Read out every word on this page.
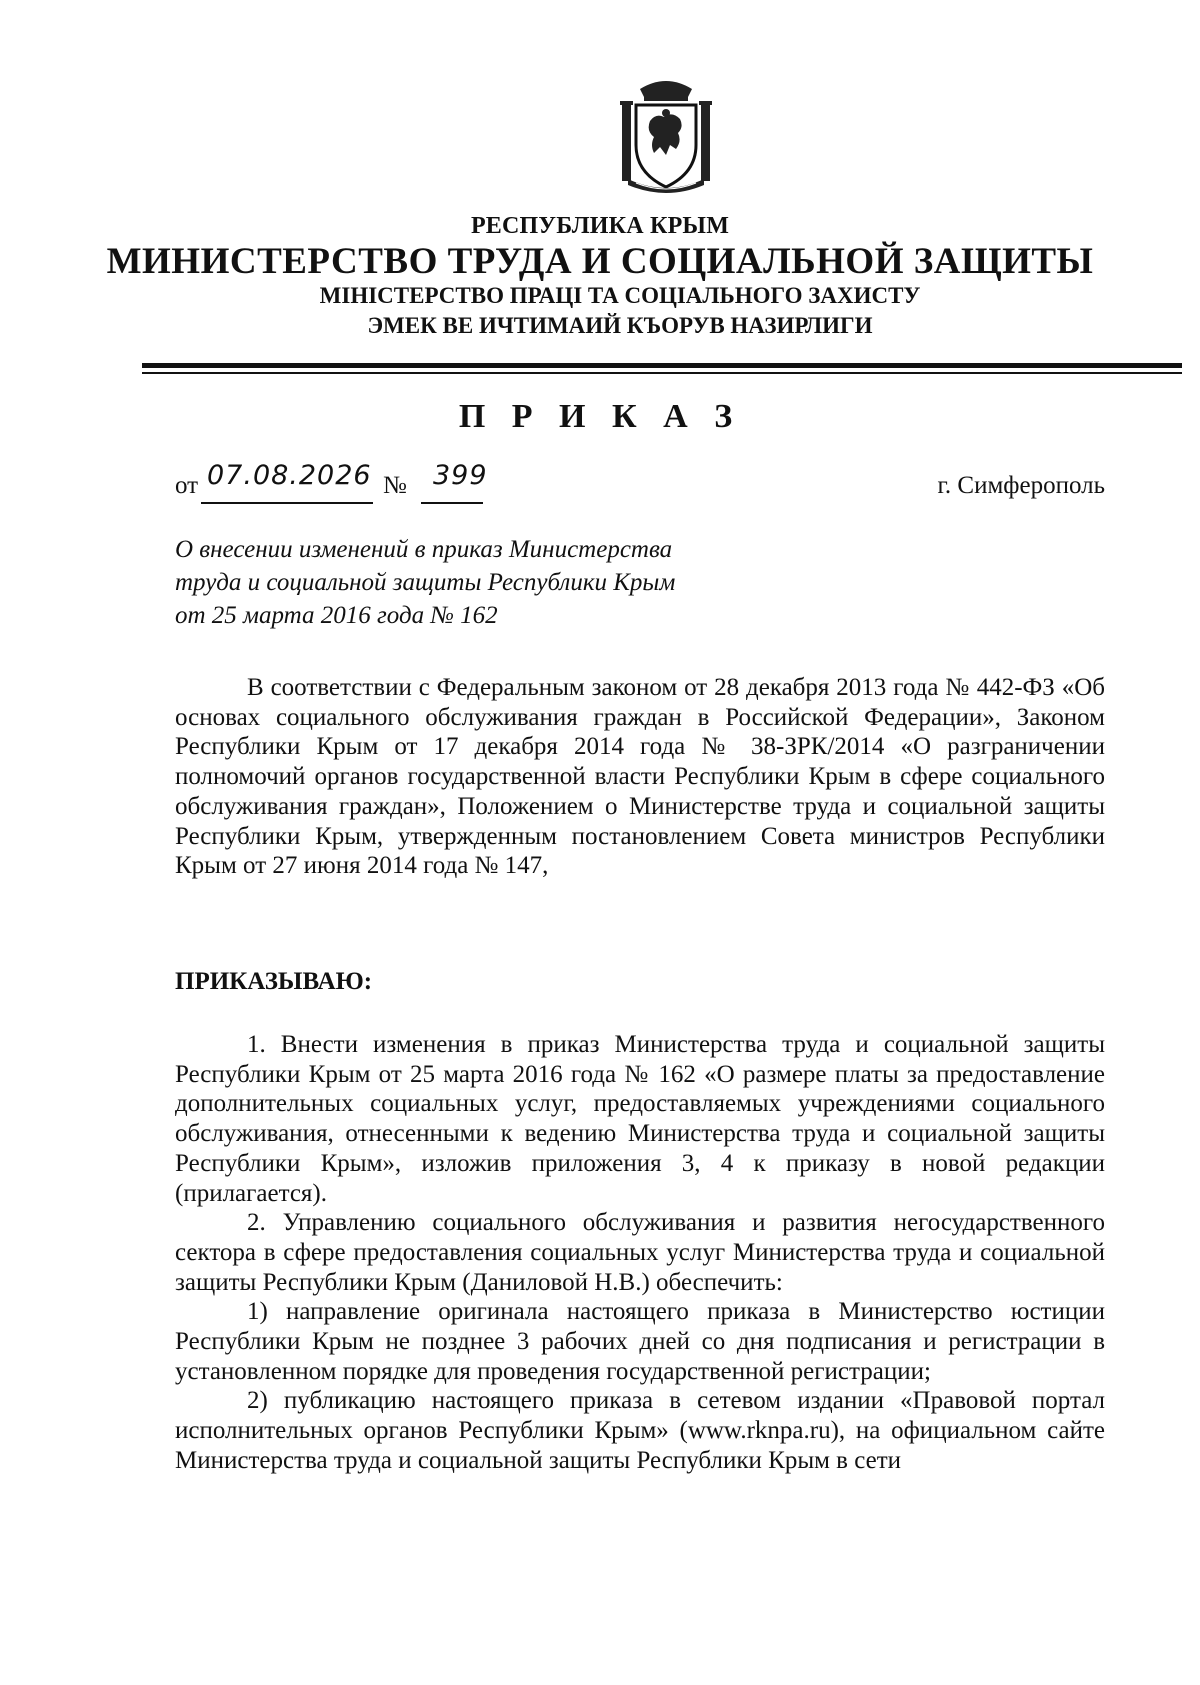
РЕСПУБЛИКА КРЫМ
МИНИСТЕРСТВО ТРУДА И СОЦИАЛЬНОЙ ЗАЩИТЫ
МІНІСТЕРСТВО ПРАЦІ ТА СОЦІАЛЬНОГО ЗАХИСТУ
ЭМЕК ВЕ ИЧТИМАИЙ КЪОРУВ НАЗИРЛИГИ
П Р И К А З
от 07.08.2026 № 399	г. Симферополь
О внесении изменений в приказ Министерства
труда и социальной защиты Республики Крым
от 25 марта 2016 года № 162

В соответствии с Федеральным законом от 28 декабря 2013 года № 442-ФЗ «Об основах социального обслуживания граждан в Российской Федерации», Законом Республики Крым от 17 декабря 2014 года № 38-ЗРК/2014 «О разграничении полномочий органов государственной власти Республики Крым в сфере социального обслуживания граждан», Положением о Министерстве труда и социальной защиты Республики Крым, утвержденным постановлением Совета министров Республики Крым от 27 июня 2014 года № 147,

ПРИКАЗЫВАЮ:

1. Внести изменения в приказ Министерства труда и социальной защиты Республики Крым от 25 марта 2016 года № 162 «О размере платы за предоставление дополнительных социальных услуг, предоставляемых учреждениями социального обслуживания, отнесенными к ведению Министерства труда и социальной защиты Республики Крым», изложив приложения 3, 4 к приказу в новой редакции (прилагается).

2. Управлению социального обслуживания и развития негосударственного сектора в сфере предоставления социальных услуг Министерства труда и социальной защиты Республики Крым (Даниловой Н.В.) обеспечить:

1) направление оригинала настоящего приказа в Министерство юстиции Республики Крым не позднее 3 рабочих дней со дня подписания и регистрации в установленном порядке для проведения государственной регистрации;

2) публикацию настоящего приказа в сетевом издании «Правовой портал исполнительных органов Республики Крым» (www.rknpa.ru), на официальном сайте Министерства труда и социальной защиты Республики Крым в сети
